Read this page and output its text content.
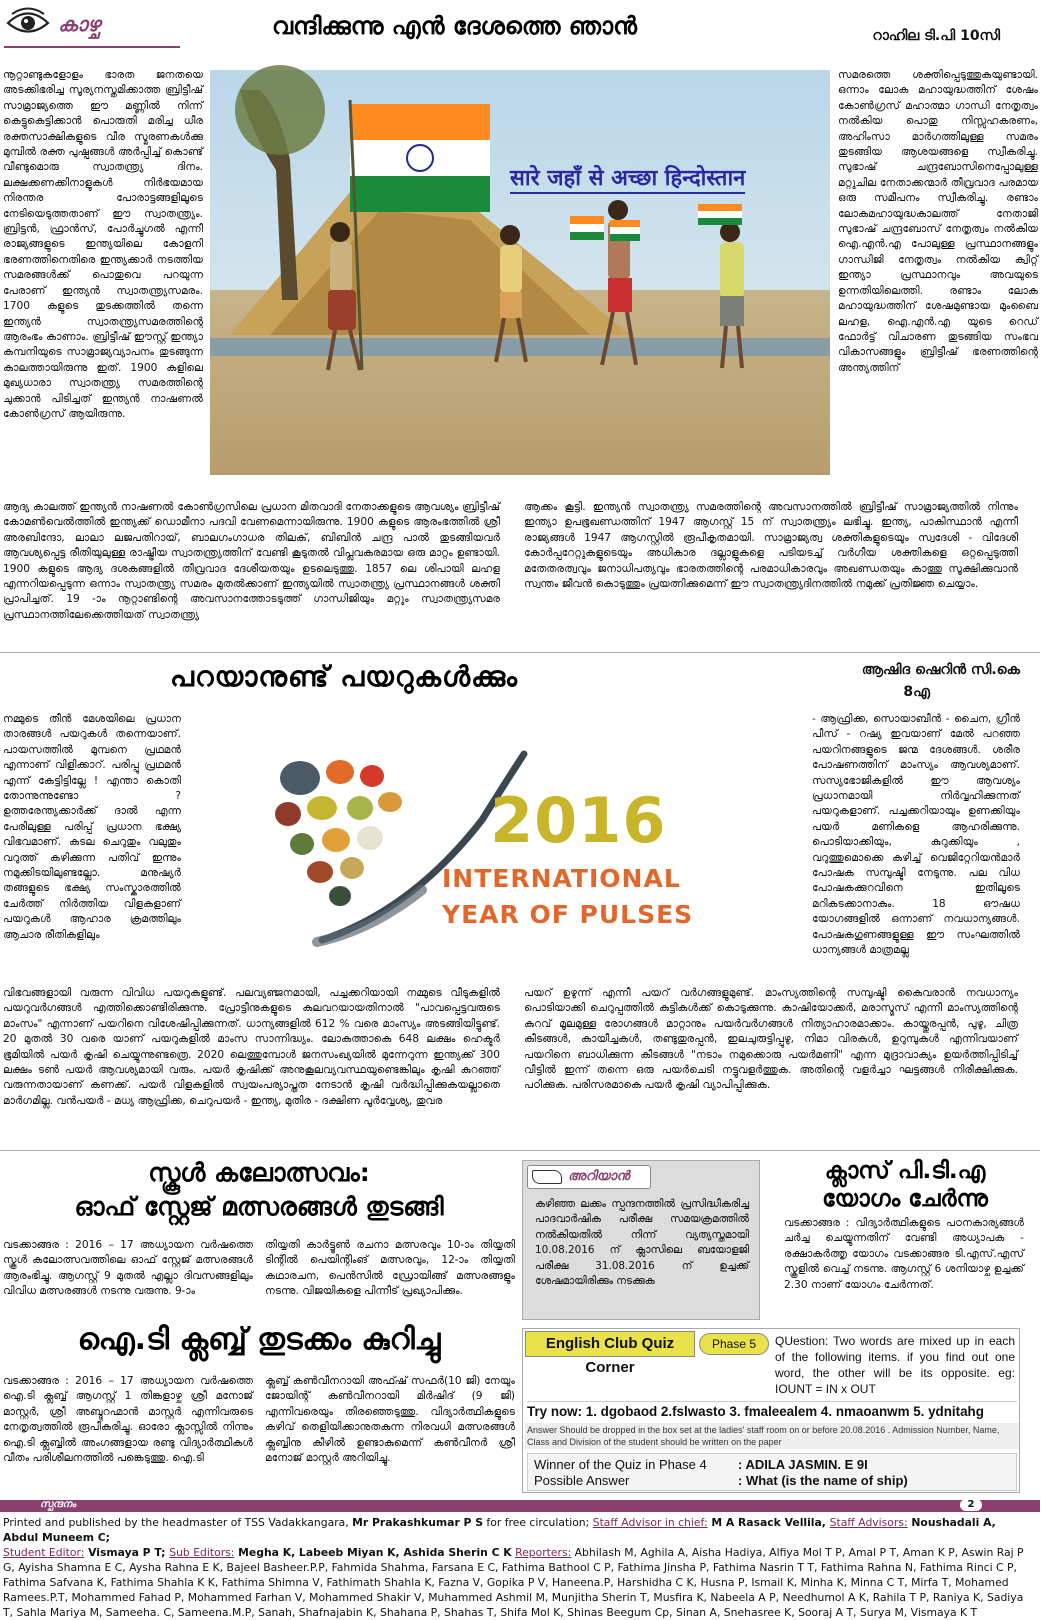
കാഴ്ച	വന്ദിക്കുന്നു എൻ ദേശത്തെ ഞാൻ	റാഹില ടി.പി 10സി
നൂറ്റാണ്ടുകളോളം ഭാരത ജനതയെ അടക്കിഭരിച്ച സൂര്യനസ്തമിക്കാത്ത ബ്രിട്ടീഷ് സാമ്രാജ്യത്തെ ഈ മണ്ണിൽ നിന്ന് കെട്ടുകെട്ടിക്കാൻ പൊരുതി മരിച്ച ധീര രക്തസാക്ഷികളുടെ വീര സ്മരണകൾക്കു മുമ്പിൽ രക്ത പുഷ്പങ്ങൾ അർപ്പിച്ച് കൊണ്ട് വീണ്ടുമൊരു സ്വാതന്ത്ര്യ ദിനം. ലക്ഷക്കണക്കിനാളുകൾ നിർഭയമായ നിരന്തര പോരാട്ടങ്ങളിലൂടെ നേടിയെടുത്തതാണ് ഈ സ്വാതന്ത്ര്യം. ബ്രിട്ടൻ, ഫ്രാൻസ്, പോർച്ചുഗൽ എന്നീ രാജ്യങ്ങളുടെ ഇന്ത്യയിലെ കോളനി ഭരണത്തിനെതിരെ ഇന്ത്യക്കാർ നടത്തിയ സമരങ്ങൾക്ക് പൊതുവെ പറയുന്ന പേരാണ് ഇന്ത്യൻ സ്വാതന്ത്ര്യസമരം. 1700 കളുടെ തുടക്കത്തിൽ തന്നെ ഇന്ത്യൻ സ്വാതന്ത്ര്യസമരത്തിന്റെ ആരംഭം കാണാം. ബ്രിട്ടീഷ് ഈസ്റ്റ് ഇന്ത്യാ കമ്പനിയുടെ സാമ്രാജ്യവ്യാപനം തുടങ്ങുന്ന കാലത്തായിരുന്നു ഇത്. 1900 കളിലെ മുഖ്യധാരാ സ്വാതന്ത്ര്യ സമരത്തിന്റെ ചുക്കാൻ പിടിച്ചത് ഇന്ത്യൻ നാഷണൽ കോൺഗ്രസ് ആയിരുന്നു.
सारे जहाँ से अच्छा हिन्दोस्तान
സമരത്തെ ശക്തിപ്പെടുത്തുകയുണ്ടായി. ഒന്നാം ലോക മഹായുദ്ധത്തിന് ശേഷം കോൺഗ്രസ് മഹാത്മാ ഗാന്ധി നേതൃത്വം നൽകിയ പൊതു നിസ്സഹകരണം, അഹിംസാ മാർഗത്തിലുള്ള സമരം തുടങ്ങിയ ആശയങ്ങളെ സ്വീകരിച്ചു. സുഭാഷ് ചന്ദ്രബോസിനെപ്പോലുള്ള മറ്റുചില നേതാക്കന്മാർ തീവ്രവാദ പരമായ ഒരു സമീപനം സ്വീകരിച്ചു. രണ്ടാം ലോകമഹായുദ്ധകാലത്ത് നേതാജി സുഭാഷ് ചന്ദ്രബോസ് നേതൃത്വം നൽകിയ ഐ.എൻ.എ പോലുള്ള പ്രസ്ഥാനങ്ങളും ഗാന്ധിജി നേതൃത്വം നൽകിയ ക്വിറ്റ് ഇന്ത്യാ പ്രസ്ഥാനവും അവയുടെ ഉന്നതിയിലെത്തി. രണ്ടാം ലോക മഹായുദ്ധത്തിന് ശേഷമുണ്ടായ മുംബൈ ലഹള, ഐ.എൻ.എ യുടെ റെഡ് ഫോർട്ട് വിചാരണ തുടങ്ങിയ സംഭവ വികാസങ്ങളും ബ്രിട്ടീഷ് ഭരണത്തിന്റെ അന്ത്യത്തിന്
ആദ്യ കാലത്ത് ഇന്ത്യൻ നാഷണൽ കോൺഗ്രസിലെ പ്രധാന മിതവാദി നേതാക്കളുടെ ആവശ്യം ബ്രിട്ടീഷ് കോമൺവെൽത്തിൽ ഇന്ത്യക്ക് ഡൊമീനാ പദവി വേണമെന്നായിരുന്നു. 1900 കളുടെ ആരംഭത്തിൽ ശ്രീ അരബിന്ദോ, ലാലാ ലജപതിറായ്, ബാലഗംഗാധര തിലക്, ബിബിൻ ചന്ദ്ര പാൽ തുടങ്ങിയവർ ആവശ്യപ്പെട്ട രീതിയുലുള്ള രാഷ്ട്രീയ സ്വാതന്ത്ര്യത്തിന് വേണ്ടി കൂടുതൽ വിപ്ലവകരമായ ഒരു മാറ്റം ഉണ്ടായി. 1900 കളുടെ ആദ്യ ദശകങ്ങളിൽ തീവ്രവാദ ദേശീയതയും ഉടലെടുത്തു. 1857 ലെ ശിപായി ലഹള എന്നറിയപ്പെടുന്ന ഒന്നാം സ്വാതന്ത്ര്യ സമരം മുതൽക്കാണ് ഇന്ത്യയിൽ സ്വാതന്ത്ര്യ പ്രസ്ഥാനങ്ങൾ ശക്തി പ്രാപിച്ചത്. 19 -ാം നൂറ്റാണ്ടിന്റെ അവസാനത്തോടടുത്ത് ഗാന്ധിജിയും മറ്റും സ്വാതന്ത്ര്യസമര പ്രസ്ഥാനത്തിലേക്കെത്തിയത് സ്വാതന്ത്ര്യ
ആക്കം കൂട്ടി. ഇന്ത്യൻ സ്വാതന്ത്ര്യ സമരത്തിന്റെ അവസാനത്തിൽ ബ്രിട്ടീഷ് സാമ്രാജ്യത്തിൽ നിന്നും ഇന്ത്യാ ഉപഭൂഖണ്ഡത്തിന് 1947 ആഗസ്റ്റ് 15 ന് സ്വാതന്ത്ര്യം ലഭിച്ചു. ഇന്ത്യ, പാകിസ്ഥാൻ എന്നീ രാജ്യങ്ങൾ 1947 ആഗസ്റ്റിൽ രൂപീകൃതമായി. സാമ്രാജ്യത്വ ശക്തികളുടെയും സ്വദേശി - വിദേശി കോർപ്പറേറ്റുകളുടെയും അധികാര ദല്ലാളുകളെ പടിയടച്ച് വർഗീയ ശക്തികളെ ഒറ്റപ്പെടുത്തി മതേതരത്വവും ജനാധിപത്യവും ഭാരതത്തിന്റെ പരമാധികാരവും അഖണ്ഡതയും കാത്തു സൂക്ഷിക്കുവാൻ സ്വന്തം ജീവൻ കൊടുത്തും പ്രയത്നിക്കുമെന്ന് ഈ സ്വാതന്ത്ര്യദിനത്തിൽ നമുക്ക് പ്രതിജ്ഞ ചെയ്യാം.
പറയാനുണ്ട് പയറുകൾക്കും	ആഷിദ ഷെറിൻ സി.കെ
8എ
നമ്മുടെ തീൻ മേശയിലെ പ്രധാന താരങ്ങൾ പയറുകൾ തന്നെയാണ്. പായസത്തിൽ മുമ്പനെ പ്രഥമൻ എന്നാണ് വിളിക്കാറ്. പരിപ്പു പ്രഥമൻ എന്ന് കേട്ടിട്ടില്ലേ ! എന്താ കൊതി തോന്നുന്നുണ്ടോ ? ഉത്തരേന്ത്യക്കാർക്ക് ദാൽ എന്ന പേരിലുള്ള പരിപ്പ് പ്രധാന ഭക്ഷ്യ വിഭവമാണ്. കടല ചെറുതും വലുതും വറുത്ത് കഴിക്കുന്ന പതിവ് ഇന്നും നമുക്കിടയിലുണ്ടല്ലോ. മനുഷ്യർ തങ്ങളുടെ ഭക്ഷ്യ സംസ്കാരത്തിൽ ചേർത്ത് നിർത്തിയ വിളകളാണ് പയറുകൾ ആഹാര ക്രമത്തിലും ആചാര രീതികളിലും
2016
INTERNATIONAL
YEAR OF PULSES
- ആഫ്രിക്ക, സൊയാബീൻ - ചൈന, ഗ്രീൻ പീസ് - റഷ്യ ഇവയാണ് മേൽ പറഞ്ഞ പയറിനങ്ങളുടെ ജന്മ ദേശങ്ങൾ. ശരീര പോഷണത്തിന് മാംസ്യം ആവശ്യമാണ്. സസ്യഭോജികളിൽ ഈ ആവശ്യം പ്രധാനമായി നിർവ്വഹിക്കുന്നത് പയറുകളാണ്. പച്ചക്കറിയായും ഉണക്കിയും പയർ മണികളെ ആഹരിക്കുന്നു. പൊടിയാക്കിയും, കുറുക്കിയും , വറുത്തുമൊക്കെ കഴിച്ച് വെജിറ്റേറിയൻമാർ പോഷക സമ്പുഷ്ടി നേടുന്നു. പല വിധ പോഷകക്കുറവിനെ ഇതിലൂടെ മറികടക്കാനാകും. 18 ഔഷധ യോഗങ്ങളിൽ ഒന്നാണ് നവധാന്യങ്ങൾ. പോഷകഗുണങ്ങളുള്ള ഈ സംഘത്തിൽ ധാന്യങ്ങൾ മാത്രമല്ല
വിഭവങ്ങളായി വരുന്ന വിവിധ പയറുകളുണ്ട്. പലവ്യഞ്ജനമായി, പച്ചക്കറിയായി നമ്മുടെ വീടുകളിൽ പയറുവർഗങ്ങൾ എത്തിക്കൊണ്ടിരിക്കുന്നു. പ്രോട്ടീനുകളുടെ കലവറയായതിനാൽ "പാവപ്പെട്ടവരുടെ മാംസം" എന്നാണ് പയറിനെ വിശേഷിപ്പിക്കുന്നത്. ധാന്യങ്ങളിൽ 612 % വരെ മാംസ്യം അടങ്ങിയിട്ടുണ്ട്. 20 മുതൽ 30 വരെ യാണ് പയറുകളിൽ മാംസ സാന്നിദ്ധ്യം. ലോകത്താകെ 648 ലക്ഷം ഹെക്ടർ ഭൂമിയിൽ പയർ കൃഷി ചെയ്യുന്നുണ്ടത്രെ. 2020 ലെത്തുമ്പോൾ ജനസംഖ്യയിൽ മുന്നേറുന്ന ഇന്ത്യക്ക് 300 ലക്ഷം ടൺ പയർ ആവശ്യമായി വരും. പയർ കൃഷിക്ക് അനുകൂലവ്യവസ്ഥയുണ്ടെങ്കിലും കൃഷി കുറഞ്ഞ് വരുന്നതായാണ് കണക്ക്. പയർ വിളകളിൽ സ്വയംപര്യാപ്തത നേടാൻ കൃഷി വർദ്ധിപ്പിക്കുകയല്ലാതെ മാർഗമില്ല. വൻപയർ - മധ്യ ആഫ്രിക്ക, ചെറുപയർ - ഇന്ത്യ, മുതിര - ദക്ഷിണ പൂർവ്വേശ്യ, തുവര
പയറ് ഉഴുന്ന് എന്നീ പയറ് വർഗങ്ങളുമുണ്ട്. മാംസ്യത്തിന്റെ സമ്പുഷ്ടി കൈവരാൻ നവധാന്യം പൊടിയാക്കി ചെറുപ്പത്തിൽ കുട്ടികൾക്ക് കൊടുക്കുന്നു. കാഷിയോക്കർ, മരാസ്മസ് എന്നീ മാംസ്യത്തിന്റെ കുറവ് മൂലമുള്ള രോഗങ്ങൾ മാറ്റാനും പയർവർഗങ്ങൾ നിത്യാഹാരമാക്കാം. കായ്തുരപ്പൻ, പുഴു, ചിത്ര കീടങ്ങൾ, കായീച്ചകൾ, തണ്ടുതുരപ്പൻ, ഇലചുരുട്ടിപ്പുഴു, നിമാ വിരകൾ, ഉറുമ്പുകൾ എന്നിവയാണ് പയറിനെ ബാധിക്കുന്ന കീടങ്ങൾ "നടാം നമുക്കൊരു പയർമണി" എന്ന മുദ്രാവാക്യം ഉയർത്തിപ്പിടിച്ച് വീട്ടിൽ ഇന്ന് തന്നെ ഒരു പയർചെടി നട്ടുവളർത്തുക. അതിന്റെ വളർച്ചാ ഘട്ടങ്ങൾ നിരീക്ഷിക്കുക. പഠിക്കുക. പരിസരമാകെ പയർ കൃഷി വ്യാപിപ്പിക്കുക.
സ്കൂൾ കലോത്സവം:
ഓഫ് സ്റ്റേജ് മത്സരങ്ങൾ തുടങ്ങി
വടക്കാങ്ങര : 2016 – 17 അധ്യായന വർഷത്തെ സ്കൂൾ കലോത്സവത്തിലെ ഓഫ് സ്റ്റേജ് മത്സരങ്ങൾ ആരംഭിച്ചു. ആഗസ്റ്റ് 9 മുതൽ എല്ലാ ദിവസങ്ങളിലും വിവിധ മത്സരങ്ങൾ നടന്നു വരുന്നു. 9-ാം
തിയ്യതി കാർട്ടൂൺ രചനാ മത്സരവും 10-ാം തിയ്യതി ടിന്റിൽ പെയിന്റിംങ് മത്സരവും, 12-ാം തിയ്യതി കഥാരചന, പെൻസിൽ ഡ്രോയിങ്ങ് മത്സരങ്ങളും നടന്നു. വിജയികളെ പിന്നീട് പ്രഖ്യാപിക്കും.
അറിയാൻ
കഴിഞ്ഞ ലക്കം സ്പന്ദനത്തിൽ പ്രസിദ്ധീകരിച്ച പാദവാർഷിക പരീക്ഷ സമയക്രമത്തിൽ നൽകിയതിൽ നിന്ന് വ്യത്യസ്തമായി 10.08.2016 ന് ക്ലാസിലെ ബയോളജി പരീക്ഷ 31.08.2016 ന് ഉച്ചക്ക് ശേഷമായിരിക്കും നടക്കുക
ക്ലാസ് പി.ടി.എ
യോഗം ചേർന്നു
വടക്കാങ്ങര : വിദ്യാർത്ഥികളുടെ പഠനകാര്യങ്ങൾ ചർച്ച ചെയ്യുന്നതിന് വേണ്ടി അധ്യാപക - രക്ഷാകർത്തൃ യോഗം വടക്കാങ്ങര ടി.എസ്.എസ് സ്കൂളിൽ വെച്ച് നടന്നു. ആഗസ്റ്റ് 6 ശനിയാഴ്ച ഉച്ചക്ക് 2.30 നാണ് യോഗം ചേർന്നത്.
ഐ.ടി ക്ലബ്ബ് തുടക്കം കുറിച്ചു
വടക്കാങ്ങര : 2016 – 17 അധ്യായന വർഷത്തെ ഐ.ടി ക്ലബ്ബ് ആഗസ്റ്റ് 1 തിങ്കളാഴ്ച ശ്രീ മനോജ് മാസ്റ്റർ, ശ്രീ അബ്ദുറഹ്മാൻ മാസ്റ്റർ എന്നിവരുടെ നേതൃത്വത്തിൽ രൂപീകരിച്ചു. ഓരോ ക്ലാസ്സിൽ നിന്നും ഐ.ടി ക്ലബ്ബിൽ അംഗങ്ങളായ രണ്ടു വിദ്യാർത്ഥികൾ വീതം പരിശീലനത്തിൽ പങ്കെടുത്തു. ഐ.ടി
ക്ലബ്ബ് കൺവീനറായി അഫ്ഷ് സഫർ(10 ജി) നേയും ജോയിന്റ് കൺവീനറായി മിർഷിദ് (9 ജി) എന്നിവരെയും തിരഞ്ഞെടുത്തു. വിദ്യാർത്ഥികളുടെ കഴിവ് തെളിയിക്കാനുതകുന്ന നിരവധി മത്സരങ്ങൾ ക്ലബ്ബിനു കീഴിൽ ഉണ്ടാകുമെന്ന് കൺവീനർ ശ്രീ മനോജ് മാസ്റ്റർ അറിയിച്ചു.
English Club Quiz Corner
Phase 5	QUestion: Two words are mixed up in each of the following items. if you find out one word, the other will be its opposite. eg: IOUNT = IN x OUT
Try now: 1. dgobaod 2.fslwasto 3. fmaleealem 4. nmaoanwm 5. ydnitahg
Answer Should be dropped in the box set at the ladies' staff room on or before 20.08.2016 . Admission Number, Name, Class and Division of the student should be written on the paper
Winner of the Quiz in Phase 4 : ADILA JASMIN. E 9I
Possible Answer	: What (is the name of ship)
സ്പന്ദനം	2
Printed and published by the headmaster of TSS Vadakkangara, Mr Prakashkumar P S for free circulation; Staff Advisor in chief: M A Rasack Vellila, Staff Advisors: Noushadali A, Abdul Muneem C;
Student Editor: Vismaya P T; Sub Editors: Megha K, Labeeb Miyan K, Ashida Sherin C K Reporters: Abhilash M, Aghila A, Aisha Hadiya, Alfiya Mol T P, Amal P T, Aman K P, Aswin Raj P G, Ayisha Shamna E C, Aysha Rahna E K, Bajeel Basheer.P.P, Fahmida Shahma, Farsana E C, Fathima Bathool C P, Fathima Jinsha P, Fathima Nasrin T T, Fathima Rahna N, Fathima Rinci C P, Fathima Safvana K, Fathima Shahla K K, Fathima Shimna V, Fathimath Shahla K, Fazna V, Gopika P V, Haneena.P, Harshidha C K, Husna P, Ismail K, Minha K, Minna C T, Mirfa T, Mohamed Ramees.P.T, Mohammed Fahad P, Mohammed Farhan V, Mohammed Shakir V, Muhammed Ashmil M, Munjitha Sherin T, Musfira K, Nabeela A P, Needhumol A K, Rahila T P, Raniya K, Sadiya T, Sahla Mariya M, Sameeha. C, Sameena.M.P, Sanah, Shafnajabin K, Shahana P, Shahas T, Shifa Mol K, Shinas Beegum Cp, Sinan A, Snehasree K, Sooraj A T, Surya M, Vismaya K T
